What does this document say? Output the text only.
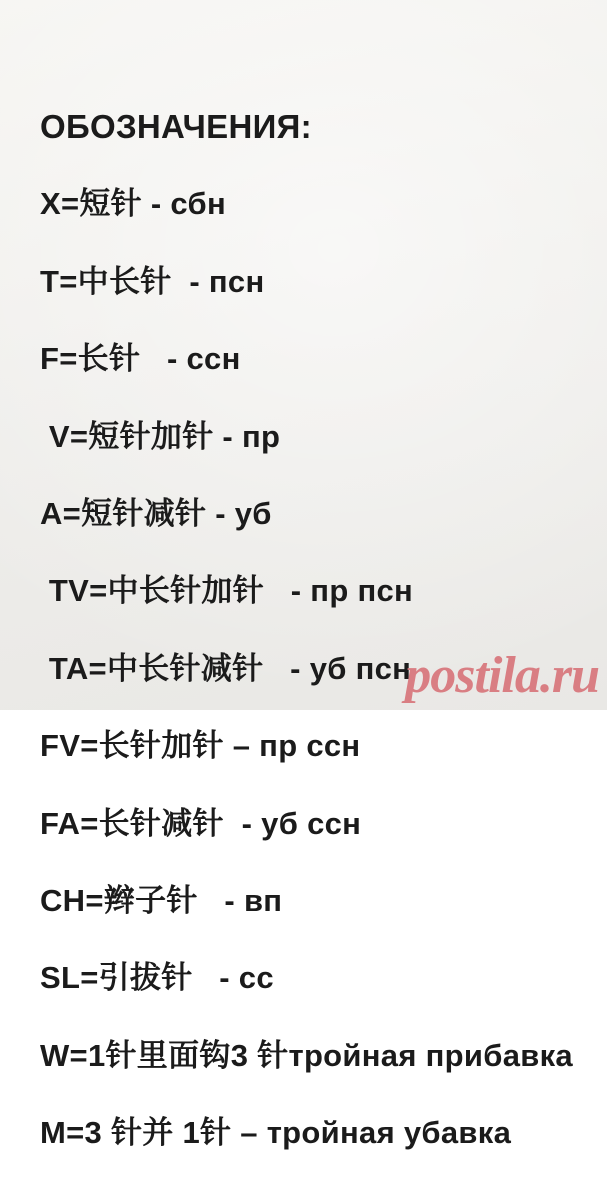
ОБОЗНАЧЕНИЯ:

X=短针 - сбн

T=中长针  - псн

F=长针   - ссн

V=短针加针 - пр

A=短针减针 - уб

TV=中长针加针   - пр псн

TA=中长针减针   - уб псн

FV=长针加针 – пр ссн

FA=长针减针  - уб ссн

CH=辫子针   - вп

SL=引拔针   - сс

W=1针里面钩3 针тройная прибавка

M=3 针并 1针 – тройная убавка

postila.ru
